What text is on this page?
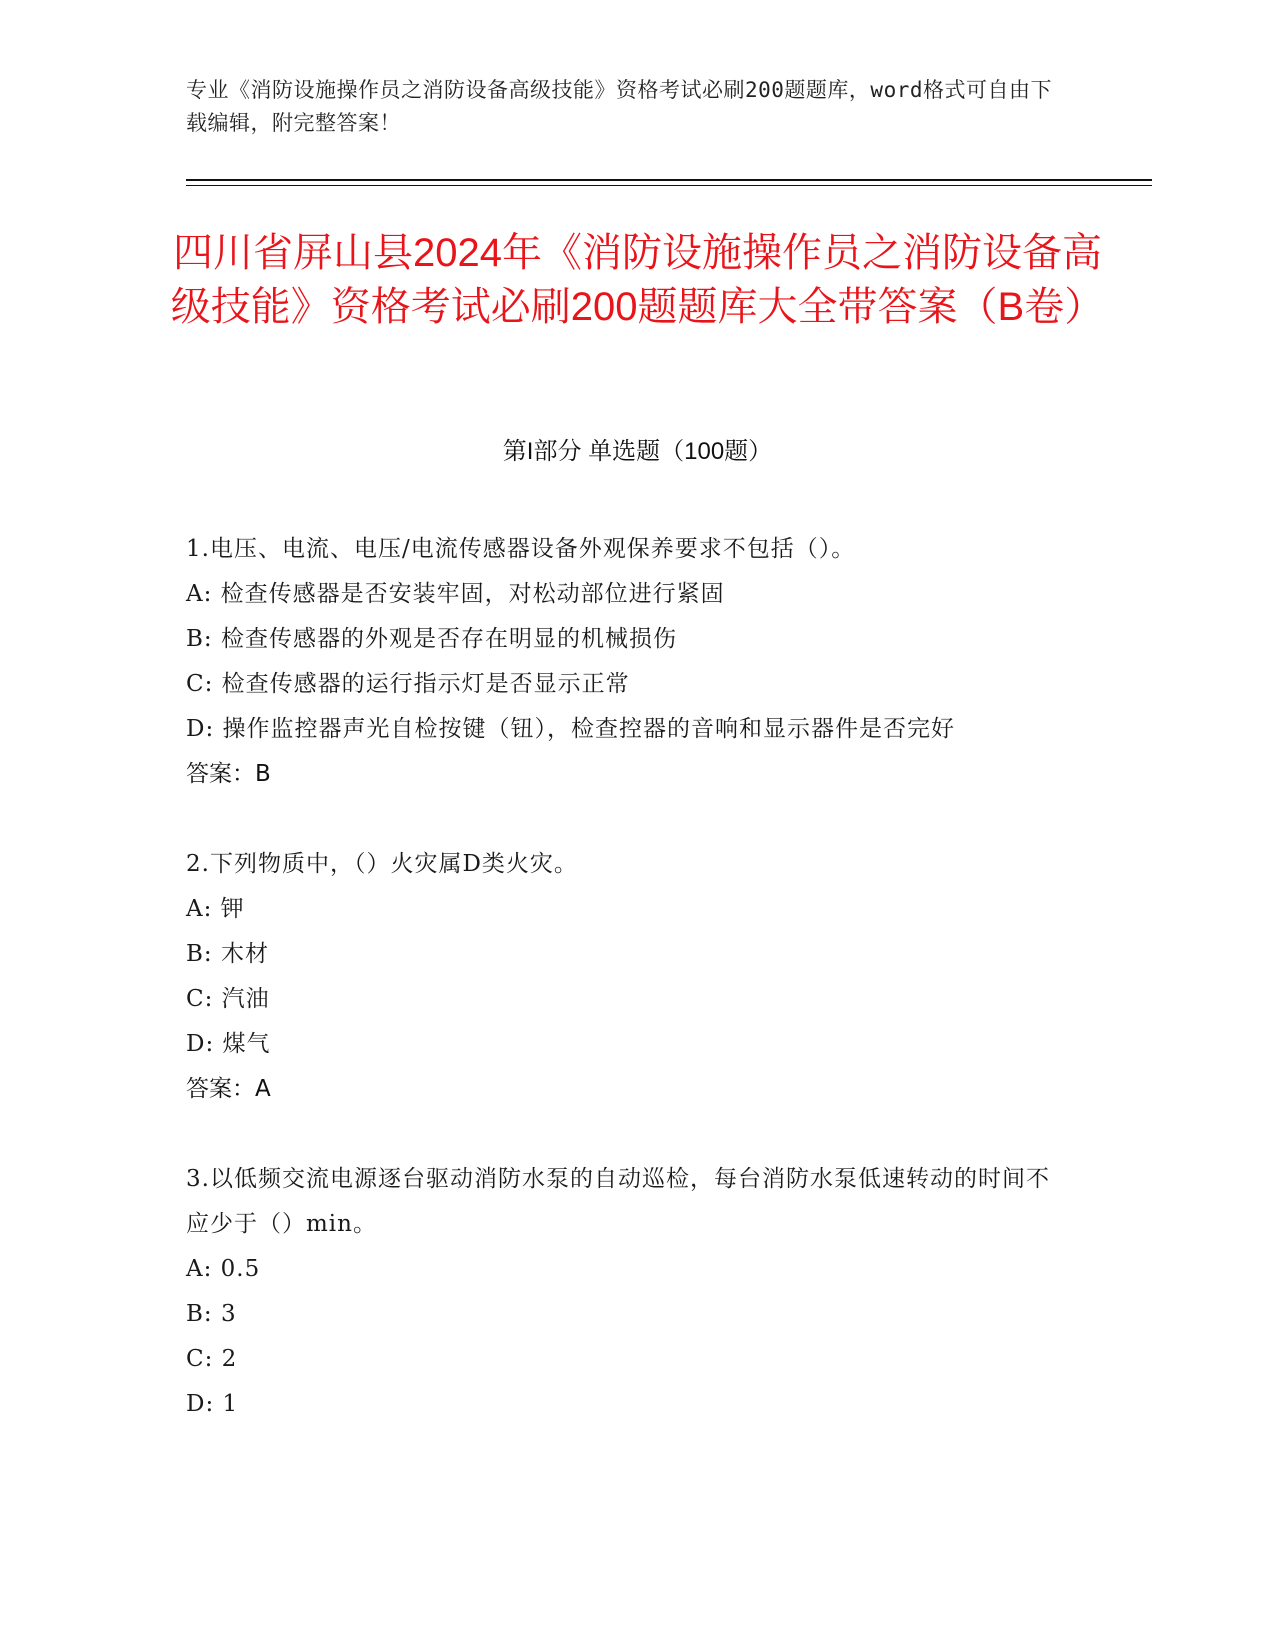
专业《消防设施操作员之消防设备高级技能》资格考试必刷200题题库，word格式可自由下载编辑，附完整答案！
四川省屏山县2024年《消防设施操作员之消防设备高级技能》资格考试必刷200题题库大全带答案（B卷）
第I部分 单选题（100题）

1.电压、电流、电压/电流传感器设备外观保养要求不包括（）。

A: 检查传感器是否安装牢固，对松动部位进行紧固

B: 检查传感器的外观是否存在明显的机械损伤

C: 检查传感器的运行指示灯是否显示正常

D: 操作监控器声光自检按键（钮），检查控器的音响和显示器件是否完好

答案：B

2.下列物质中，（）火灾属D类火灾。

A: 钾

B: 木材

C: 汽油

D: 煤气

答案：A

3.以低频交流电源逐台驱动消防水泵的自动巡检，每台消防水泵低速转动的时间不应少于（）min。

A: 0.5

B: 3

C: 2

D: 1
